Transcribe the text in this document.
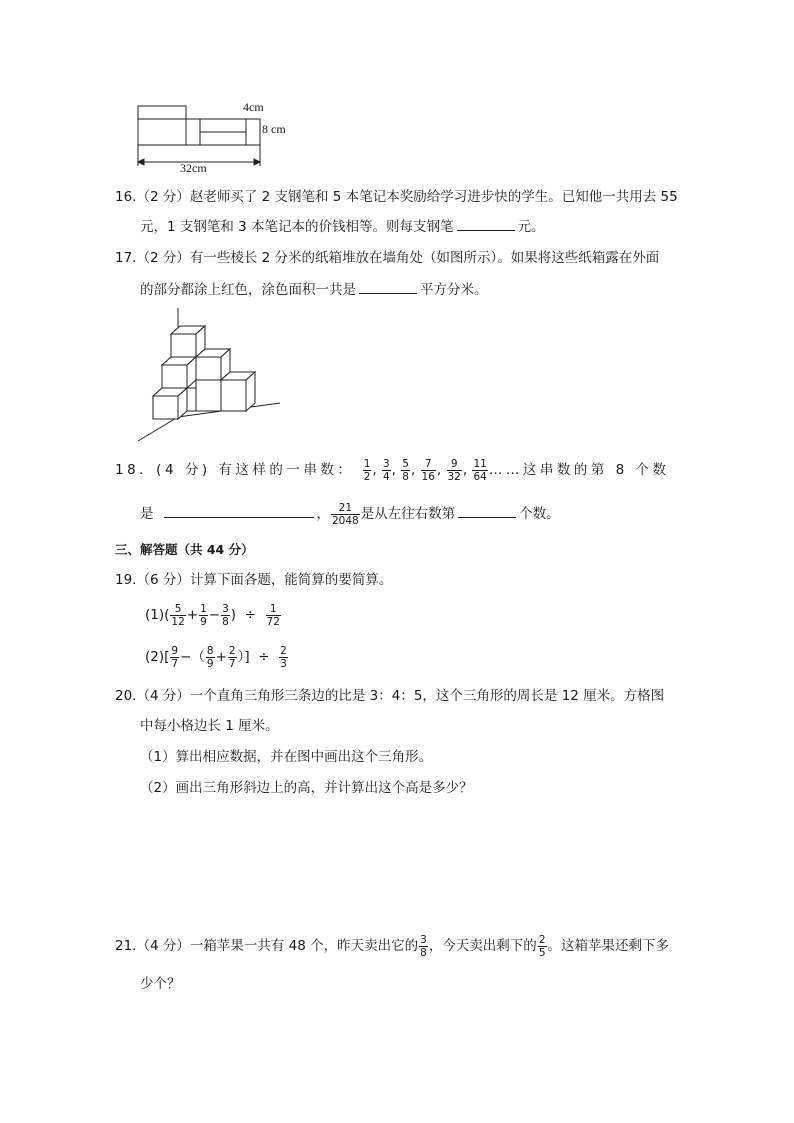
4cm
8 cm
32cm
16.（2 分）赵老师买了 2 支钢笔和 5 本笔记本奖励给学习进步快的学生。已知他一共用去 55
元，1 支钢笔和 3 本笔记本的价钱相等。则每支钢笔	元。
17.（2 分）有一些棱长 2 分米的纸箱堆放在墙角处（如图所示）。如果将这些纸箱露在外面
的部分都涂上红色，涂色面积一共是	平方分米。
18．(4 分) 有这样的一串数： $\frac{1}{2}$ , $\frac{3}{4}$ , $\frac{5}{8}$ , $\frac{7}{16}$ , $\frac{9}{32}$ , $\frac{11}{64}$ ……这串数的第 8 个数
是	， $\frac{21}{2048}$ 是从左往右数第	个数。
三、解答题（共 44 分）
19.（6 分）计算下面各题，能简算的要简算。
$(1)( \frac{5}{12} + \frac{1}{9} - \frac{3}{8}$ )  ÷ $\frac{1}{72}$
$(2)[ \frac{9}{7}$ −（ $\frac{8}{9} + \frac{2}{7}$ ）]  ÷ $\frac{2}{3}$
20.（4 分）一个直角三角形三条边的比是 3：4：5，这个三角形的周长是 12 厘米。方格图
中每小格边长 1 厘米。
（1）算出相应数据，并在图中画出这个三角形。
（2）画出三角形斜边上的高，并计算出这个高是多少？
21.（4 分）一箱苹果一共有 48 个，昨天卖出它的 $\frac{3}{8}$ ，今天卖出剩下的 $\frac{2}{5}$ 。这箱苹果还剩下多
少个？
